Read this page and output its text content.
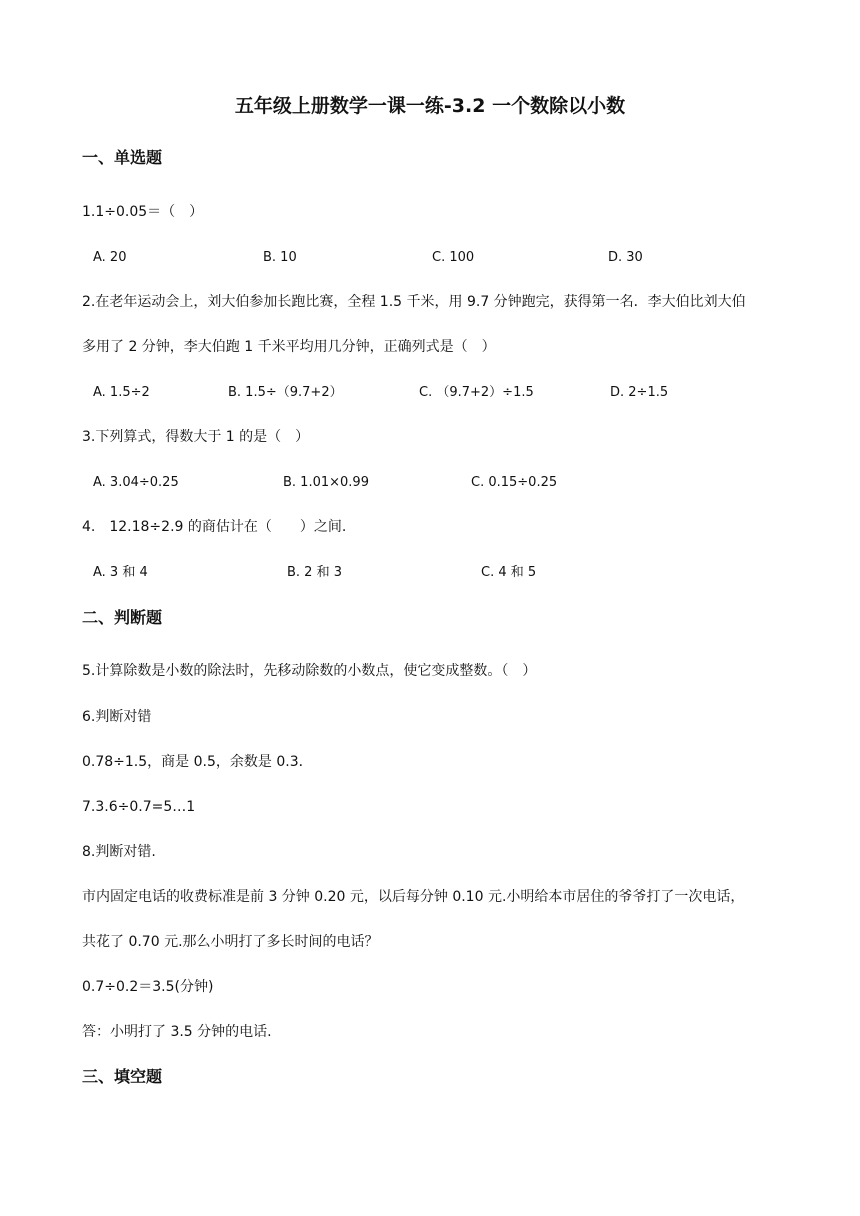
五年级上册数学一课一练-3.2 一个数除以小数
一、单选题
1.1÷0.05＝（　）
A. 20	B. 10	C. 100	D. 30
2.在老年运动会上，刘大伯参加长跑比赛，全程 1.5 千米，用 9.7 分钟跑完，获得第一名．李大伯比刘大伯
多用了 2 分钟，李大伯跑 1 千米平均用几分钟，正确列式是（　）
A. 1.5÷2	B. 1.5÷（9.7+2）	C. （9.7+2）÷1.5	D. 2÷1.5
3.下列算式，得数大于 1 的是（　）
A. 3.04÷0.25	B. 1.01×0.99	C. 0.15÷0.25
4.　12.18÷2.9 的商估计在（　　）之间.
A. 3 和 4	B. 2 和 3	C. 4 和 5
二、判断题
5.计算除数是小数的除法时，先移动除数的小数点，使它变成整数。（　）
6.判断对错
0.78÷1.5，商是 0.5，余数是 0.3．
7.3.6÷0.7=5…1
8.判断对错.
市内固定电话的收费标准是前 3 分钟 0.20 元，以后每分钟 0.10 元.小明给本市居住的爷爷打了一次电话，
共花了 0.70 元.那么小明打了多长时间的电话？
0.7÷0.2＝3.5(分钟)
答：小明打了 3.5 分钟的电话.
三、填空题
